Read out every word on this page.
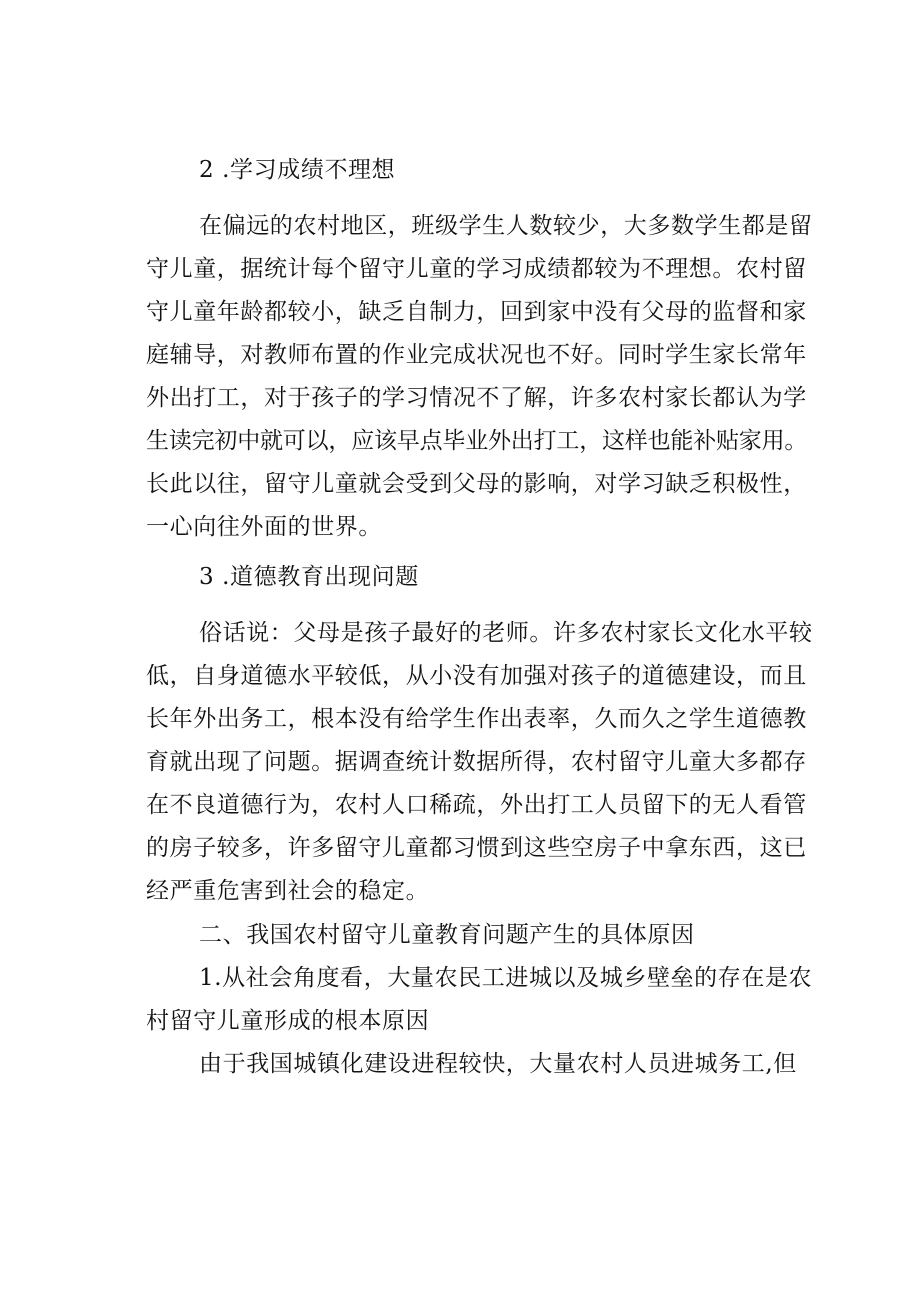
2 .学习成绩不理想
在偏远的农村地区，班级学生人数较少，大多数学生都是留
守儿童，据统计每个留守儿童的学习成绩都较为不理想。农村留
守儿童年龄都较小，缺乏自制力，回到家中没有父母的监督和家
庭辅导，对教师布置的作业完成状况也不好。同时学生家长常年
外出打工，对于孩子的学习情况不了解，许多农村家长都认为学
生读完初中就可以，应该早点毕业外出打工，这样也能补贴家用。
长此以往，留守儿童就会受到父母的影响，对学习缺乏积极性，
一心向往外面的世界。
3 .道德教育出现问题
俗话说：父母是孩子最好的老师。许多农村家长文化水平较
低，自身道德水平较低，从小没有加强对孩子的道德建设，而且
长年外出务工，根本没有给学生作出表率，久而久之学生道德教
育就出现了问题。据调查统计数据所得，农村留守儿童大多都存
在不良道德行为，农村人口稀疏，外出打工人员留下的无人看管
的房子较多，许多留守儿童都习惯到这些空房子中拿东西，这已
经严重危害到社会的稳定。
二、我国农村留守儿童教育问题产生的具体原因
1.从社会角度看，大量农民工进城以及城乡壁垒的存在是农
村留守儿童形成的根本原因
由于我国城镇化建设进程较快，大量农村人员进城务工,但
